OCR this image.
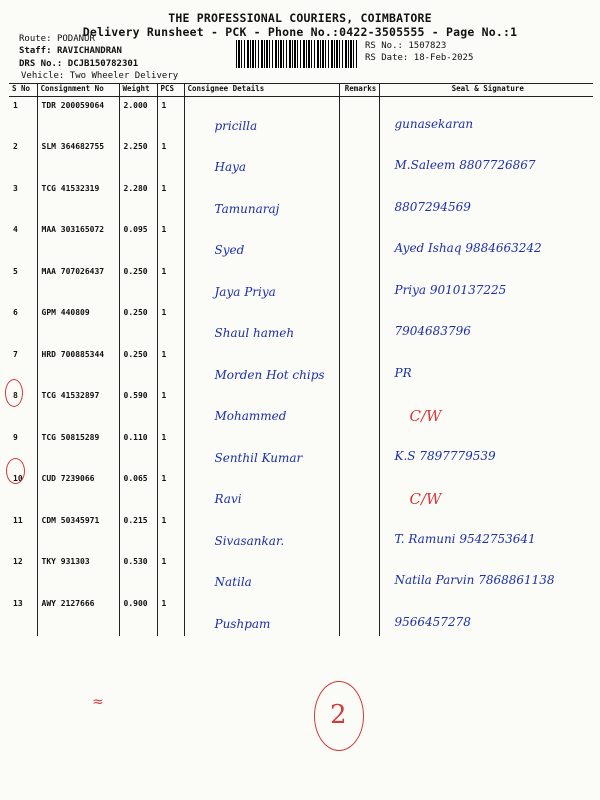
THE PROFESSIONAL COURIERS, COIMBATORE
Delivery Runsheet - PCK - Phone No.:0422-3505555 - Page No.:1
Route: PODANUR
Staff: RAVICHANDRAN
DRS No.: DCJB150782301
Vehicle: Two Wheeler Delivery
RS No.: 1507823
RS Date: 18-Feb-2025
S No	Consignment No	Weight	PCS	Consignee Details	Remarks	Seal & Signature
1	TDR 200059064	2.000	1	pricilla		gunasekaran

2	SLM 364682755	2.250	1	Haya		M.Saleem 8807726867

3	TCG 41532319	2.280	1	Tamunaraj		8807294569

4	MAA 303165072	0.095	1	Syed		Ayed Ishaq 9884663242

5	MAA 707026437	0.250	1	Jaya Priya		Priya 9010137225

6	GPM 440809	0.250	1	Shaul hameh		7904683796

7	HRD 700885344	0.250	1	Morden Hot chips		PR

8	TCG 41532897	0.590	1	Mohammed		C/W

9	TCG 50815289	0.110	1	Senthil Kumar		K.S 7897779539

10	CUD 7239066	0.065	1	Ravi		C/W

11	CDM 50345971	0.215	1	Sivasankar.		T. Ramuni 9542753641

12	TKY 931303	0.530	1	Natila		Natila Parvin 7868861138

13	AWY 2127666	0.900	1	Pushpam		9566457278
≈	2
